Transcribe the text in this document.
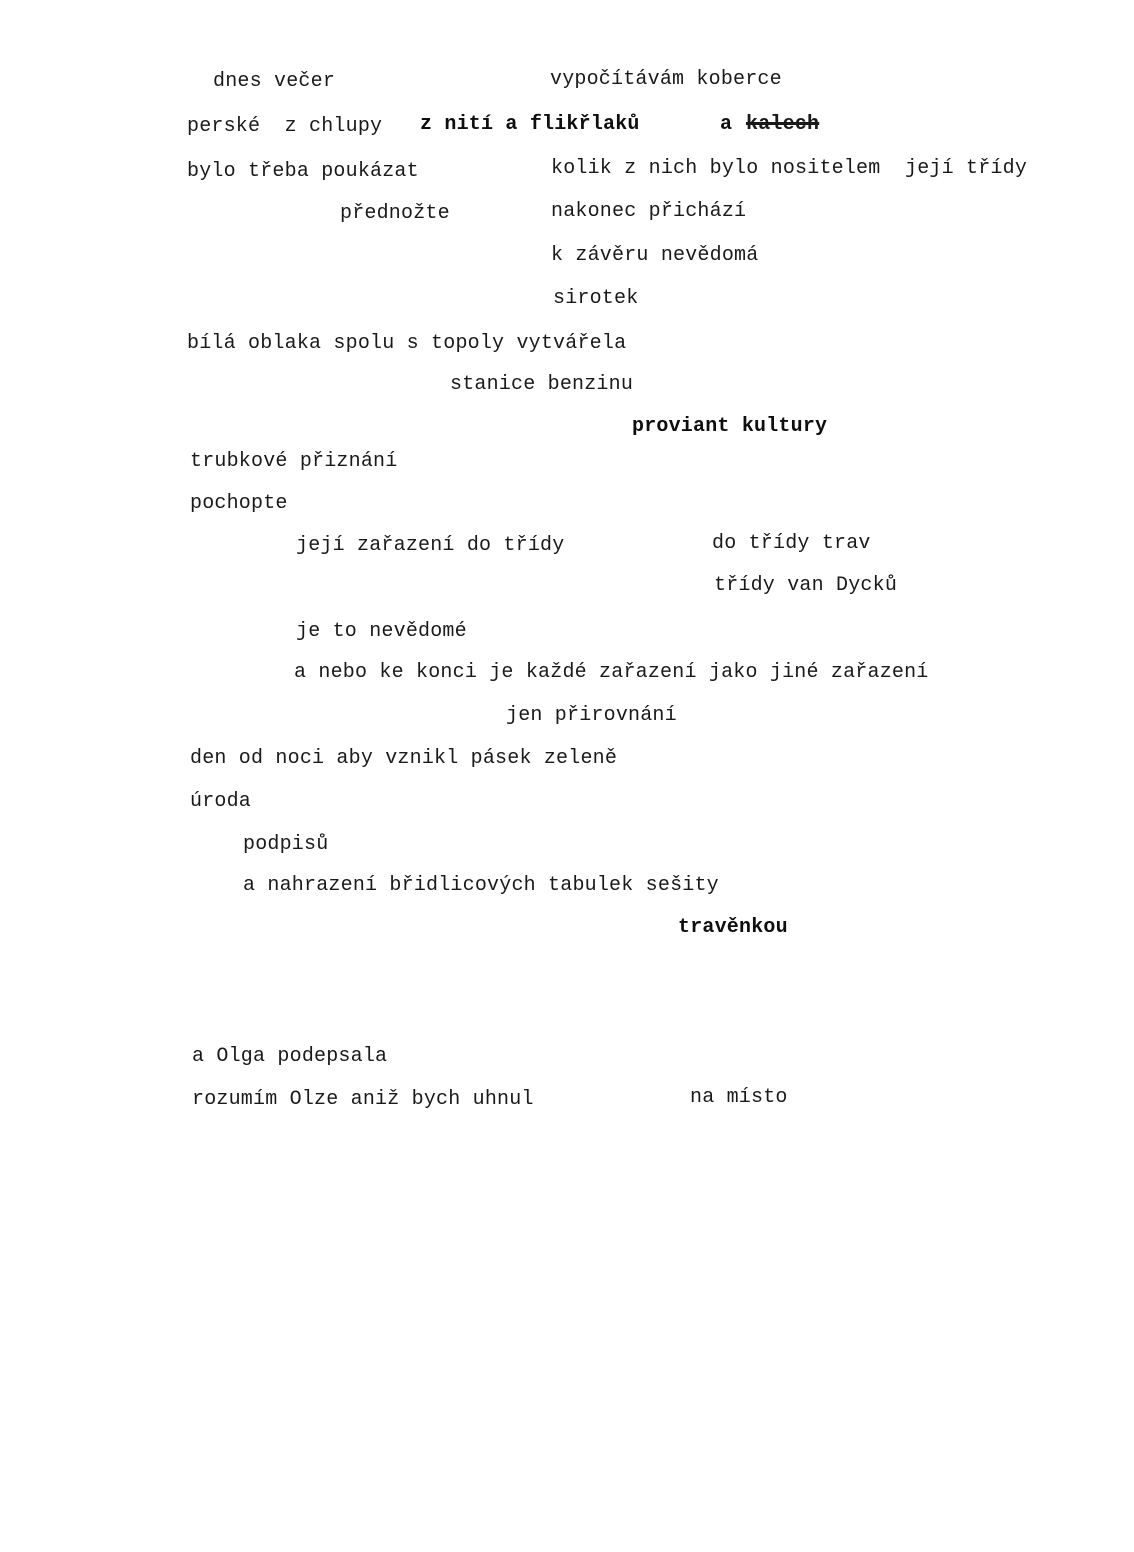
dnes večer	vypočítávám koberce
perské  z chlupy z nití a flikřlaků	a kalech
bylo třeba poukázat	kolik z nich bylo nositelem její třídy
přednožte	nakonec přichází
k závěru nevědomá
sirotek
bílá oblaka spolu s topoly vytvářela
stanice benzinu
proviant kultury
trubkové přiznání
pochopte
její zařazení do třídy	do třídy trav
třídy van Dycků
je to nevědomé
a nebo ke konci je každé zařazení jako jiné zařazení
jen přirovnání
den od noci aby vznikl pásek zeleně
úroda
podpisů
a nahrazení břidlicových tabulek sešity
travěnkou
a Olga podepsala
rozumím Olze aniž bych uhnul	na místo
